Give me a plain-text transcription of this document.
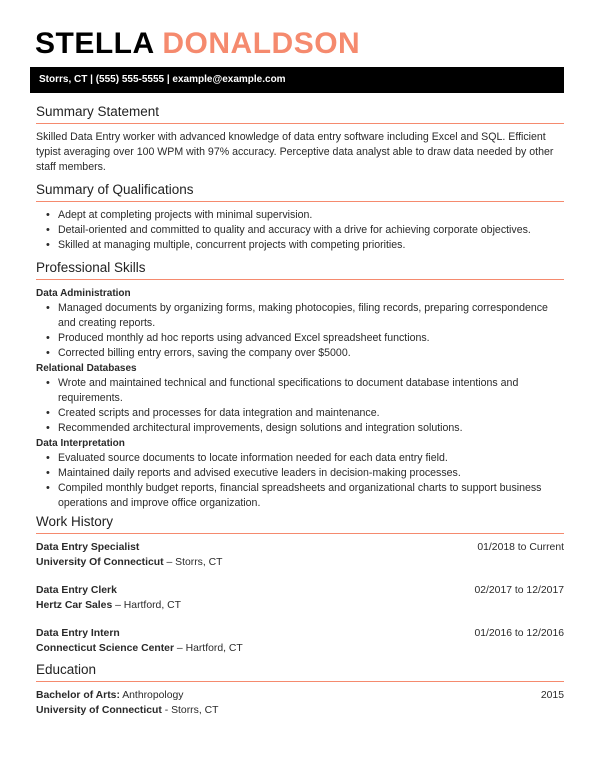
STELLA DONALDSON
Storrs, CT | (555) 555-5555 | example@example.com
Summary Statement

Skilled Data Entry worker with advanced knowledge of data entry software including Excel and SQL. Efficient typist averaging over 100 WPM with 97% accuracy. Perceptive data analyst able to draw data needed by other staff members.

Summary of Qualifications
• Adept at completing projects with minimal supervision.
• Detail-oriented and committed to quality and accuracy with a drive for achieving corporate objectives.
• Skilled at managing multiple, concurrent projects with competing priorities.
Professional Skills
Data Administration
• Managed documents by organizing forms, making photocopies, filing records, preparing correspondence and creating reports.
• Produced monthly ad hoc reports using advanced Excel spreadsheet functions.
• Corrected billing entry errors, saving the company over $5000.
Relational Databases
• Wrote and maintained technical and functional specifications to document database intentions and requirements.
• Created scripts and processes for data integration and maintenance.
• Recommended architectural improvements, design solutions and integration solutions.
Data Interpretation
• Evaluated source documents to locate information needed for each data entry field.
• Maintained daily reports and advised executive leaders in decision-making processes.
• Compiled monthly budget reports, financial spreadsheets and organizational charts to support business operations and improve office organization.
Work History
Data Entry Specialist	01/2018 to Current
University Of Connecticut – Storrs, CT
Data Entry Clerk	02/2017 to 12/2017
Hertz Car Sales – Hartford, CT
Data Entry Intern	01/2016 to 12/2016
Connecticut Science Center – Hartford, CT
Education
Bachelor of Arts: Anthropology	2015
University of Connecticut - Storrs, CT
